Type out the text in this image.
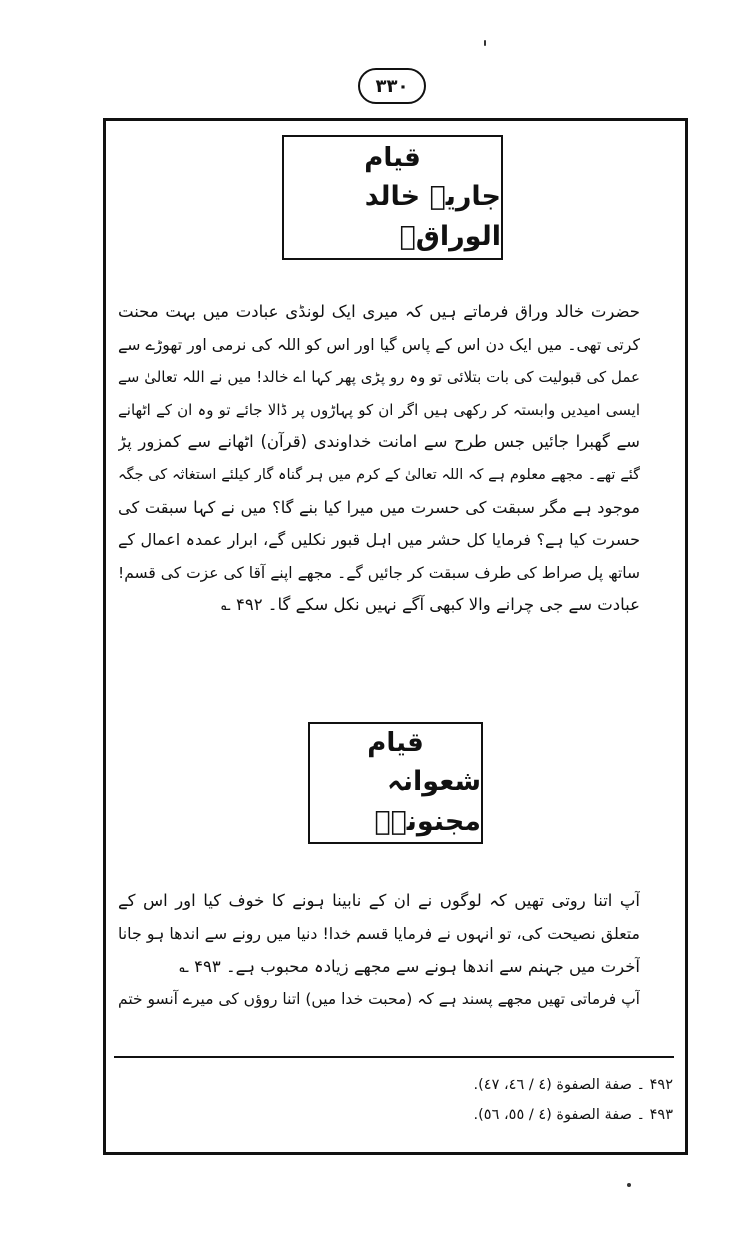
۳۳۰
قیام
جاریہ خالد الوراقؒ
حضرت خالد وراق فرماتے ہیں کہ میری ایک لونڈی عبادت میں بہت محنت
کرتی تھی۔ میں ایک دن اس کے پاس گیا اور اس کو اللہ کی نرمی اور تھوڑے سے
عمل کی قبولیت کی بات بتلائی تو وہ رو پڑی پھر کہا اے خالد! میں نے اللہ تعالیٰ سے
ایسی امیدیں وابستہ کر رکھی ہیں اگر ان کو پہاڑوں پر ڈالا جائے تو وہ ان کے اٹھانے
سے گھبرا جائیں جس طرح سے امانت خداوندی (قرآن) اٹھانے سے کمزور پڑ
گئے تھے۔ مجھے معلوم ہے کہ اللہ تعالیٰ کے کرم میں ہر گناہ گار کیلئے استغاثہ کی جگہ
موجود ہے مگر سبقت کی حسرت میں میرا کیا بنے گا؟ میں نے کہا سبقت کی
حسرت کیا ہے؟ فرمایا کل حشر میں اہل قبور نکلیں گے، ابرار عمدہ اعمال کے
ساتھ پل صراط کی طرف سبقت کر جائیں گے۔ مجھے اپنے آقا کی عزت کی قسم!
عبادت سے جی چرانے والا کبھی آگے نہیں نکل سکے گا۔ ۴۹۲ ؎
قیام
شعوانہ مجنونہؒ
آپ اتنا روتی تھیں کہ لوگوں نے ان کے نابینا ہونے کا خوف کیا اور اس کے
متعلق نصیحت کی، تو انہوں نے فرمایا قسم خدا! دنیا میں رونے سے اندھا ہو جانا
آخرت میں جہنم سے اندھا ہونے سے مجھے زیادہ محبوب ہے۔ ۴۹۳ ؎
آپ فرماتی تھیں مجھے پسند ہے کہ (محبت خدا میں) اتنا روؤں کی میرے آنسو ختم
۴۹۲ ۔ صفة الصفوة (٤ / ٤٦، ٤٧).
۴۹۳ ۔ صفة الصفوة (٤ / ٥٥، ٥٦).
